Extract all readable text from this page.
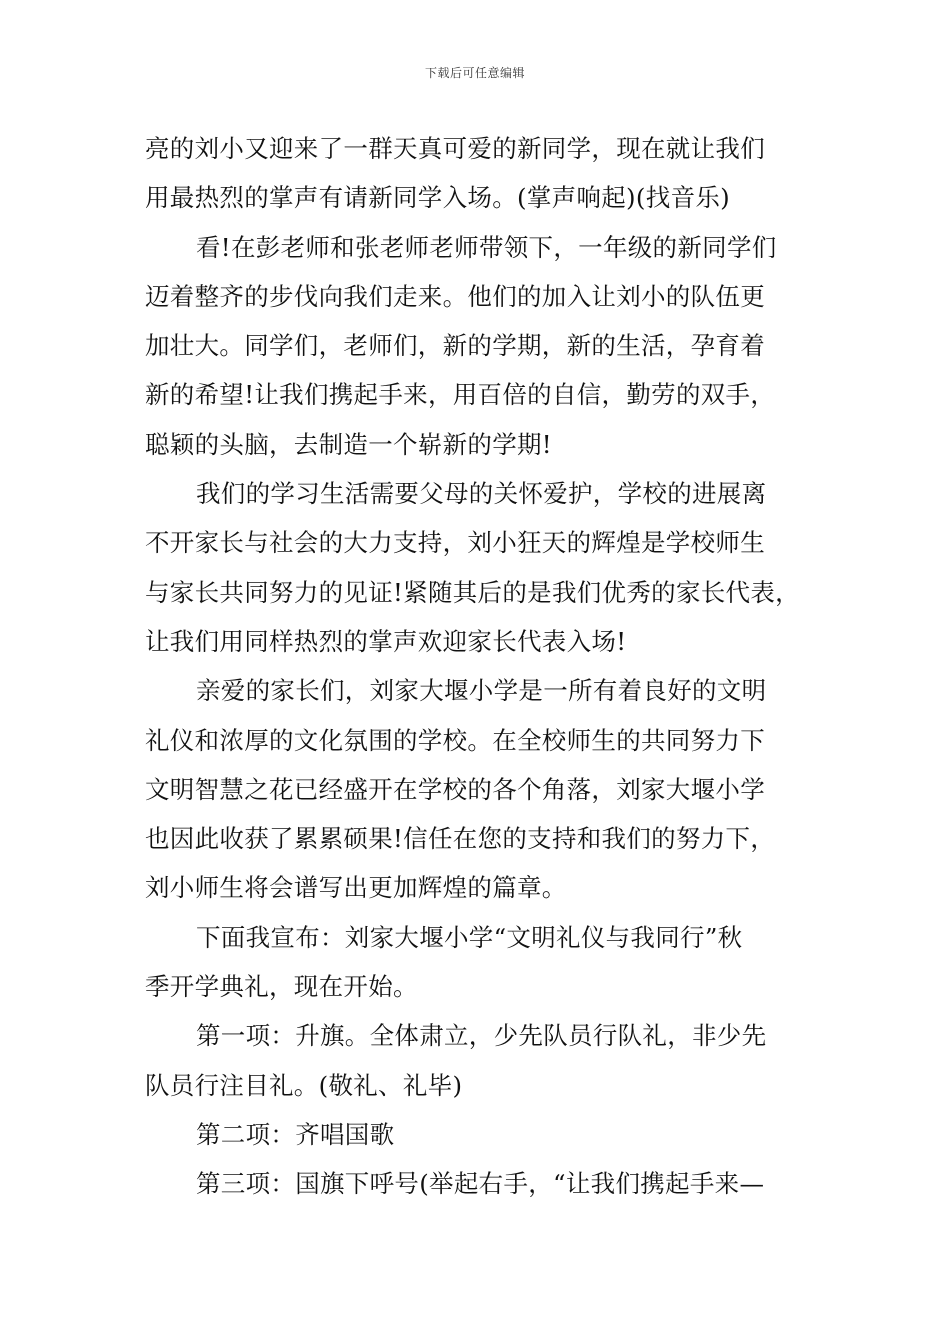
下载后可任意编辑
亮的刘小又迎来了一群天真可爱的新同学，现在就让我们
用最热烈的掌声有请新同学入场。(掌声响起)(找音乐)
看!在彭老师和张老师老师带领下，一年级的新同学们
迈着整齐的步伐向我们走来。他们的加入让刘小的队伍更
加壮大。同学们，老师们，新的学期，新的生活，孕育着
新的希望!让我们携起手来，用百倍的自信，勤劳的双手，
聪颖的头脑，去制造一个崭新的学期!
我们的学习生活需要父母的关怀爱护，学校的进展离
不开家长与社会的大力支持，刘小狂天的辉煌是学校师生
与家长共同努力的见证!紧随其后的是我们优秀的家长代表，
让我们用同样热烈的掌声欢迎家长代表入场!
亲爱的家长们，刘家大堰小学是一所有着良好的文明
礼仪和浓厚的文化氛围的学校。在全校师生的共同努力下
文明智慧之花已经盛开在学校的各个角落，刘家大堰小学
也因此收获了累累硕果!信任在您的支持和我们的努力下，
刘小师生将会谱写出更加辉煌的篇章。
下面我宣布：刘家大堰小学“文明礼仪与我同行”秋
季开学典礼，现在开始。
第一项：升旗。全体肃立，少先队员行队礼，非少先
队员行注目礼。(敬礼、礼毕)
第二项：齐唱国歌
第三项：国旗下呼号(举起右手，“让我们携起手来—
